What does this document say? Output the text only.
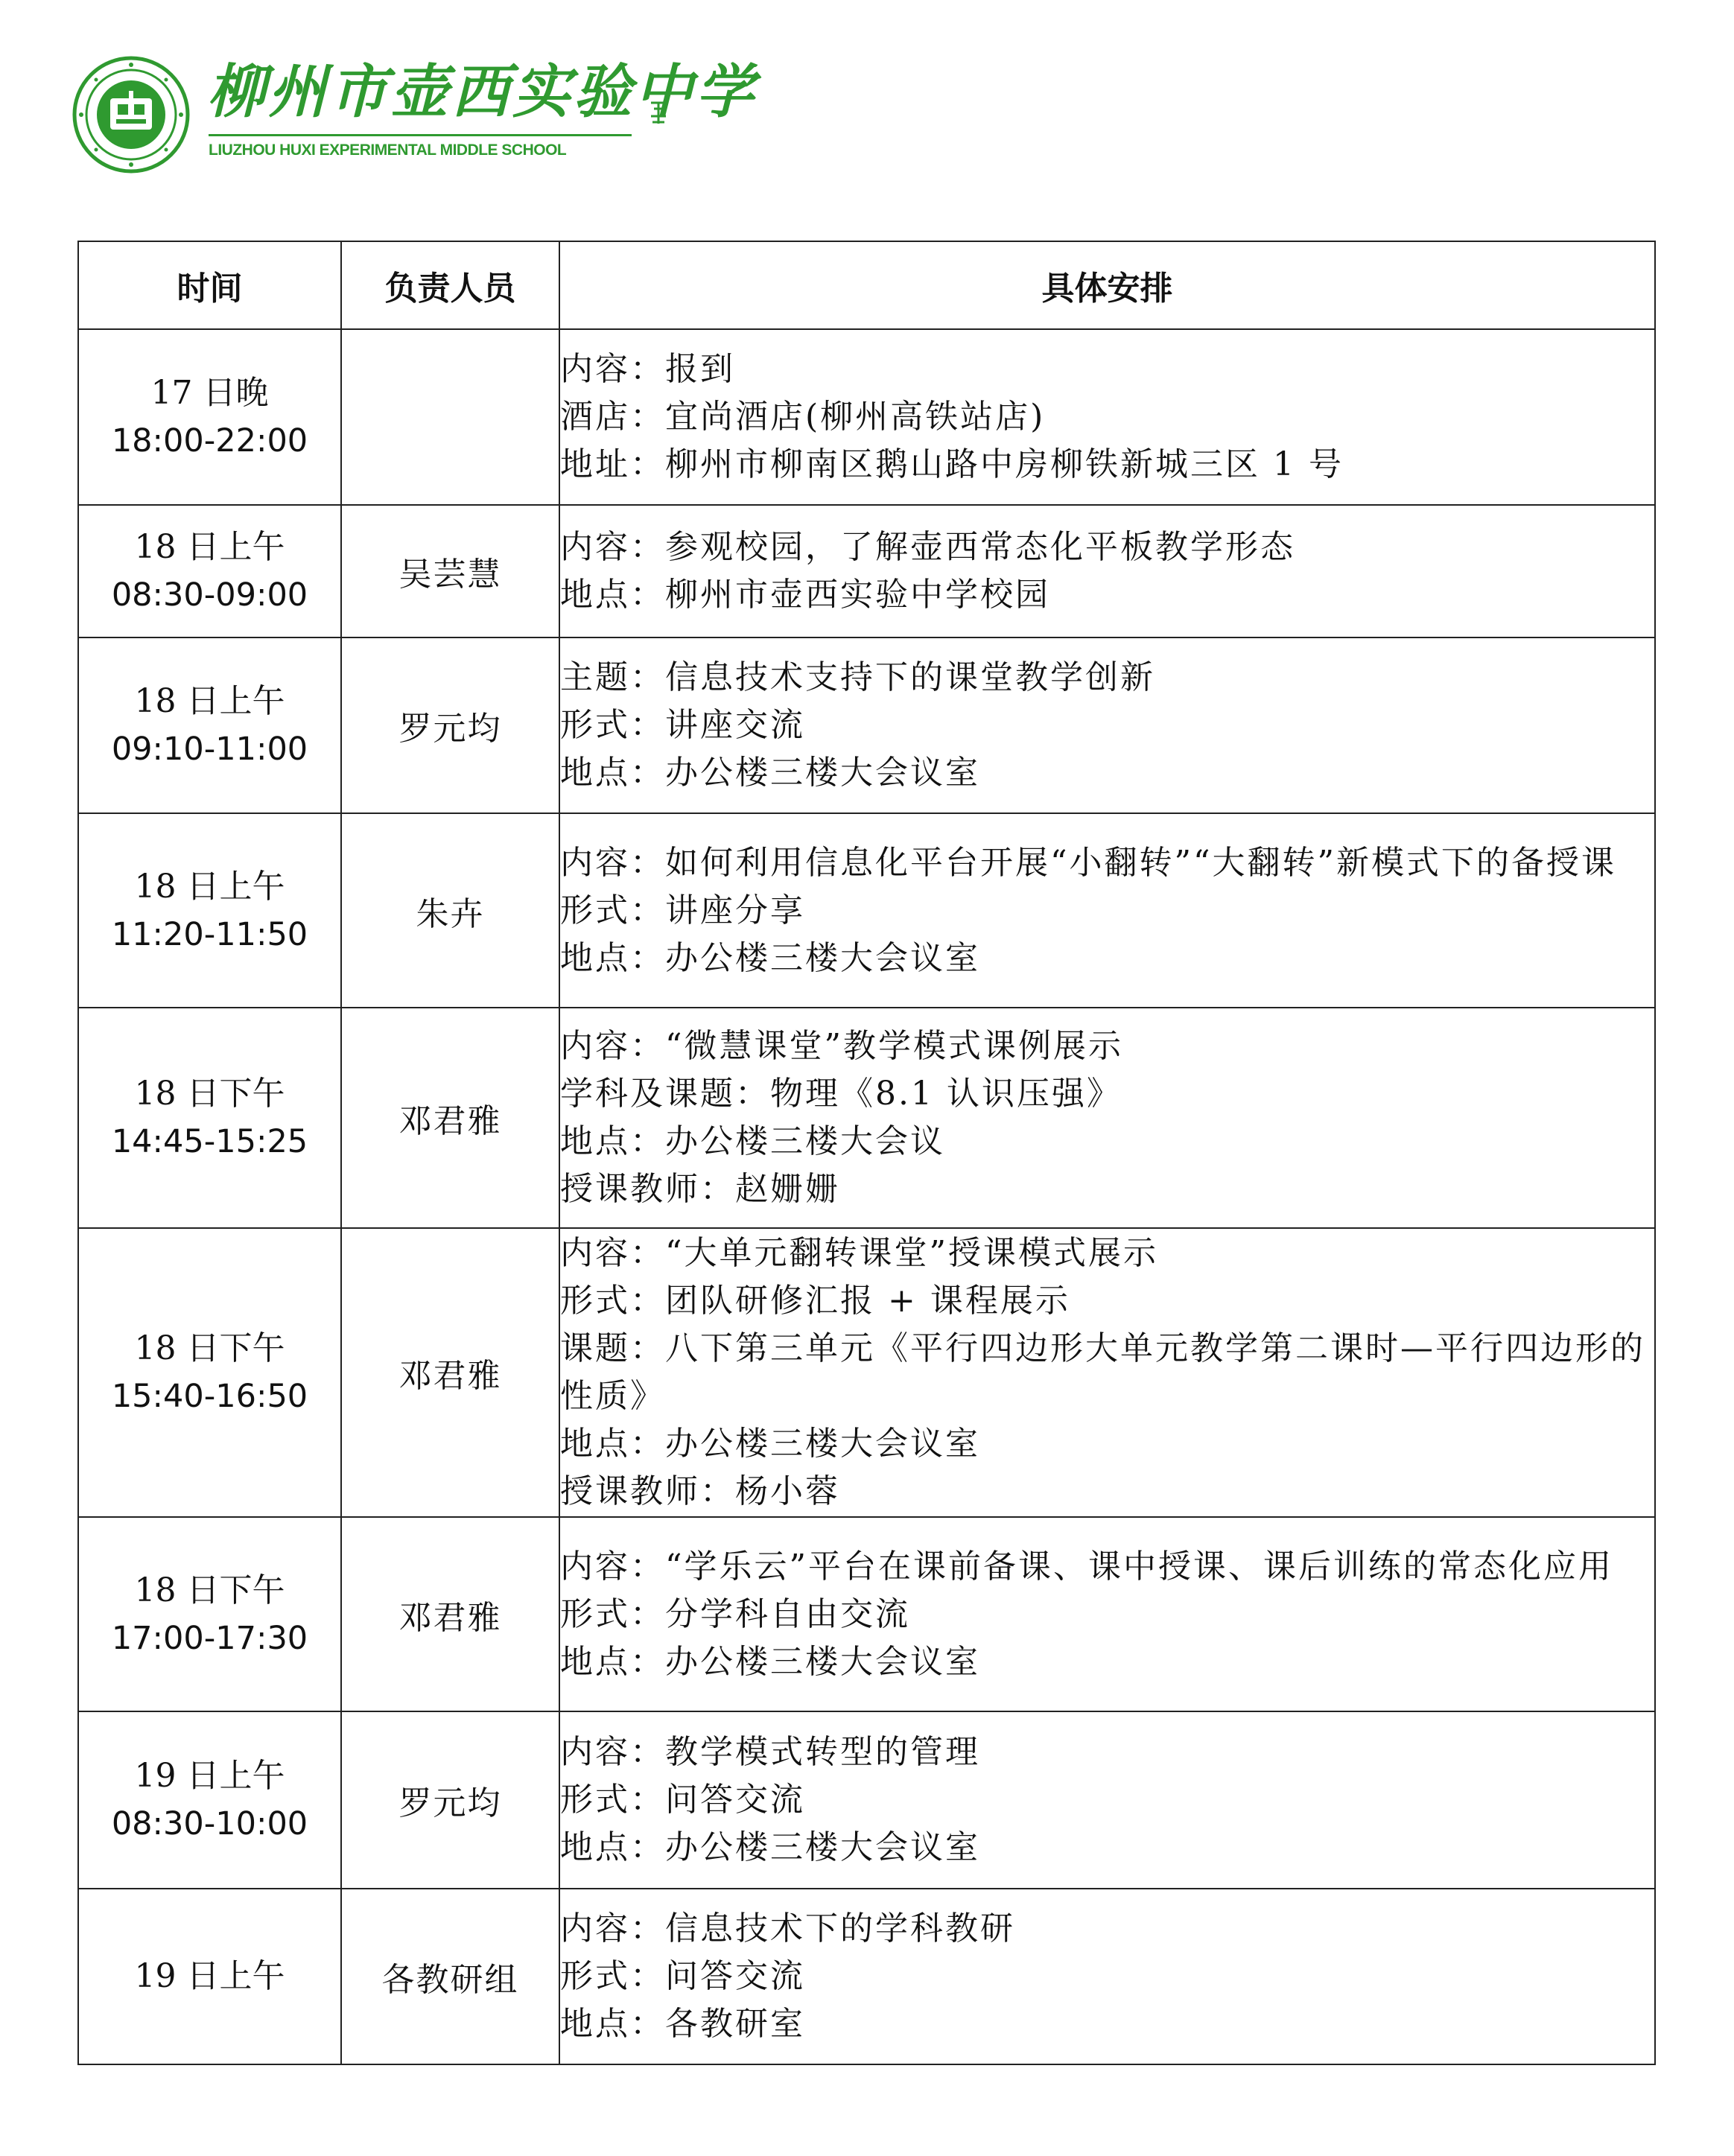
柳州市壶西实验中学
LIUZHOU HUXI EXPERIMENTAL MIDDLE SCHOOL
时间	负责人员	具体安排

17 日晚
18:00-22:00		内容：报到
酒店：宜尚酒店(柳州高铁站店)
地址：柳州市柳南区鹅山路中房柳铁新城三区 1 号

18 日上午
08:30-09:00	吴芸慧	内容：参观校园，了解壶西常态化平板教学形态
地点：柳州市壶西实验中学校园

18 日上午
09:10-11:00	罗元均	主题：信息技术支持下的课堂教学创新
形式：讲座交流
地点：办公楼三楼大会议室

18 日上午
11:20-11:50	朱卉	内容：如何利用信息化平台开展“小翻转”“大翻转”新模式下的备授课
形式：讲座分享
地点：办公楼三楼大会议室

18 日下午
14:45-15:25	邓君雅	内容：“微慧课堂”教学模式课例展示
学科及课题：物理《8.1 认识压强》
地点：办公楼三楼大会议
授课教师：赵姗姗

18 日下午
15:40-16:50	邓君雅	内容：“大单元翻转课堂”授课模式展示
形式：团队研修汇报 + 课程展示
课题：八下第三单元《平行四边形大单元教学第二课时—平行四边形的性质》
地点：办公楼三楼大会议室
授课教师：杨小蓉

18 日下午
17:00-17:30	邓君雅	内容：“学乐云”平台在课前备课、课中授课、课后训练的常态化应用
形式：分学科自由交流
地点：办公楼三楼大会议室

19 日上午
08:30-10:00	罗元均	内容：教学模式转型的管理
形式：问答交流
地点：办公楼三楼大会议室

19 日上午	各教研组	内容：信息技术下的学科教研
形式：问答交流
地点：各教研室
